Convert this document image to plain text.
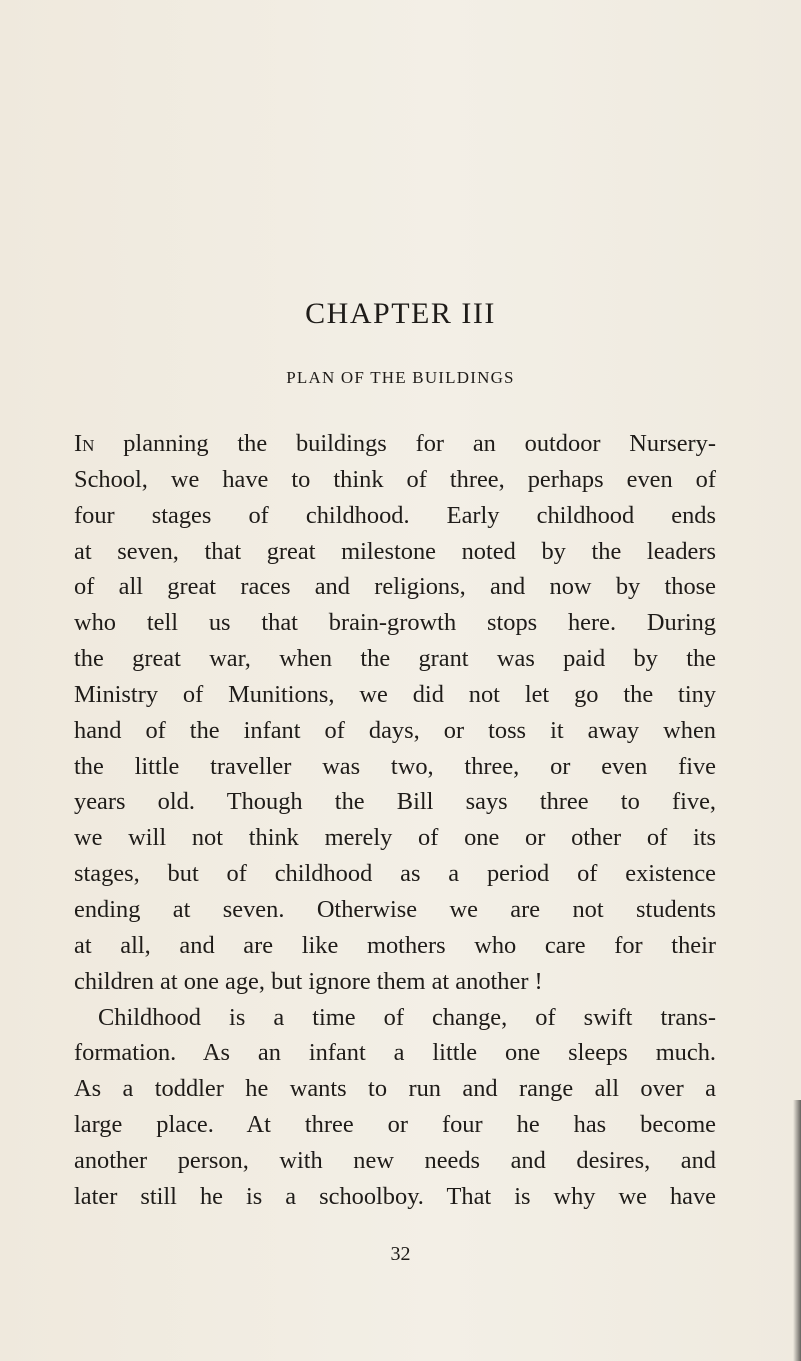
CHAPTER III
PLAN OF THE BUILDINGS
In planning the buildings for an outdoor Nursery-
School, we have to think of three, perhaps even of
four stages of childhood. Early childhood ends
at seven, that great milestone noted by the leaders
of all great races and religions, and now by those
who tell us that brain-growth stops here. During
the great war, when the grant was paid by the
Ministry of Munitions, we did not let go the tiny
hand of the infant of days, or toss it away when
the little traveller was two, three, or even five
years old. Though the Bill says three to five,
we will not think merely of one or other of its
stages, but of childhood as a period of existence
ending at seven. Otherwise we are not students
at all, and are like mothers who care for their
children at one age, but ignore them at another !
Childhood is a time of change, of swift trans-
formation. As an infant a little one sleeps much.
As a toddler he wants to run and range all over a
large place. At three or four he has become
another person, with new needs and desires, and
later still he is a schoolboy. That is why we have
32
